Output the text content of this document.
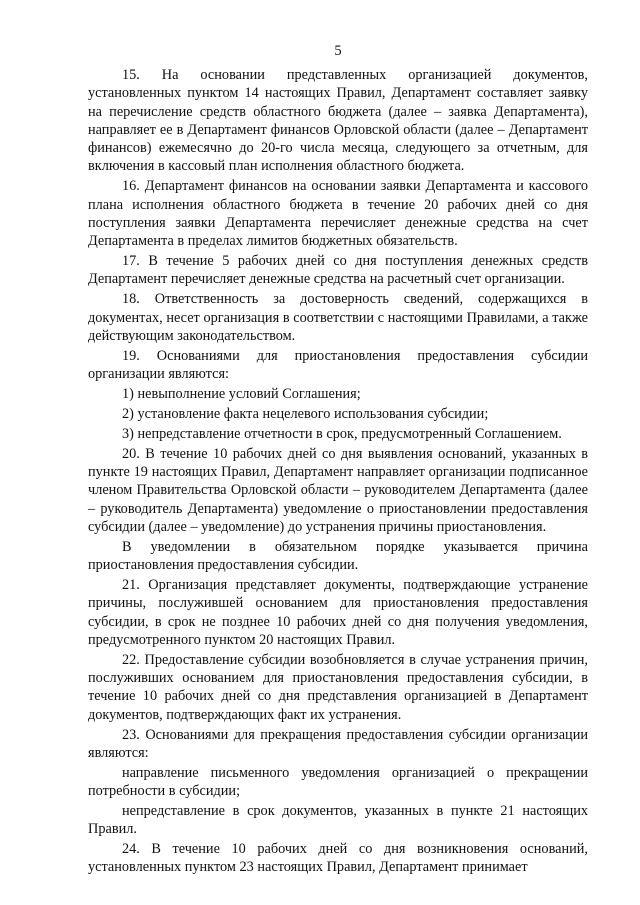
5

15. На основании представленных организацией документов, установленных пунктом 14 настоящих Правил, Департамент составляет заявку на перечисление средств областного бюджета (далее – заявка Департамента), направляет ее в Департамент финансов Орловской области (далее – Департамент финансов) ежемесячно до 20-го числа месяца, следующего за отчетным, для включения в кассовый план исполнения областного бюджета.

16. Департамент финансов на основании заявки Департамента и кассового плана исполнения областного бюджета в течение 20 рабочих дней со дня поступления заявки Департамента перечисляет денежные средства на счет Департамента в пределах лимитов бюджетных обязательств.

17. В течение 5 рабочих дней со дня поступления денежных средств Департамент перечисляет денежные средства на расчетный счет организации.

18. Ответственность за достоверность сведений, содержащихся в документах, несет организация в соответствии с настоящими Правилами, а также действующим законодательством.

19. Основаниями для приостановления предоставления субсидии организации являются:

1) невыполнение условий Соглашения;

2) установление факта нецелевого использования субсидии;

3) непредставление отчетности в срок, предусмотренный Соглашением.

20. В течение 10 рабочих дней со дня выявления оснований, указанных в пункте 19 настоящих Правил, Департамент направляет организации подписанное членом Правительства Орловской области – руководителем Департамента (далее – руководитель Департамента) уведомление о приостановлении предоставления субсидии (далее – уведомление) до устранения причины приостановления.

В уведомлении в обязательном порядке указывается причина приостановления предоставления субсидии.

21. Организация представляет документы, подтверждающие устранение причины, послужившей основанием для приостановления предоставления субсидии, в срок не позднее 10 рабочих дней со дня получения уведомления, предусмотренного пунктом 20 настоящих Правил.

22. Предоставление субсидии возобновляется в случае устранения причин, послуживших основанием для приостановления предоставления субсидии, в течение 10 рабочих дней со дня представления организацией в Департамент документов, подтверждающих факт их устранения.

23. Основаниями для прекращения предоставления субсидии организации являются:

направление письменного уведомления организацией о прекращении потребности в субсидии;

непредставление в срок документов, указанных в пункте 21 настоящих Правил.

24. В течение 10 рабочих дней со дня возникновения оснований, установленных пунктом 23 настоящих Правил, Департамент принимает
